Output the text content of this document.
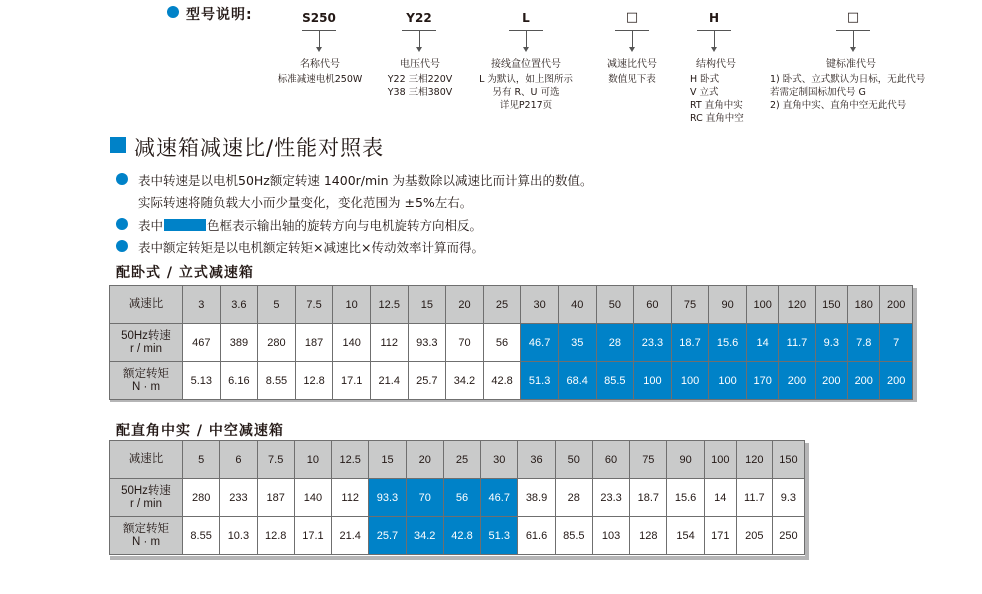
型号说明:	S250	Y22	L	□	H	□
名称代号
标准减速电机250W
电压代号
Y22 三相220V
Y38 三相380V
接线盒位置代号
L 为默认，如上图所示
另有 R、U 可选
详见P217页
减速比代号
数值见下表
结构代号
H 卧式
V 立式
RT 直角中实
RC 直角中空
键标准代号
1) 卧式、立式默认为日标，无此代号
若需定制国标加代号 G
2) 直角中实、直角中空无此代号
减速箱减速比/性能对照表
表中转速是以电机50Hz额定转速 1400r/min 为基数除以减速比而计算出的数值。
实际转速将随负载大小而少量变化，变化范围为 ±5%左右。
表中	色框表示输出轴的旋转方向与电机旋转方向相反。
表中额定转矩是以电机额定转矩×减速比×传动效率计算而得。
配卧式 / 立式减速箱
减速比	3	3.6	5	7.5	10	12.5	15	20	25	30	40	50	60	75	90	100	120	150	180	200

50Hz转速
r / min	467	389	280	187	140	112	93.3	70	56	46.7	35	28	23.3	18.7	15.6	14	11.7	9.3	7.8	7

额定转矩
N · m	5.13	6.16	8.55	12.8	17.1	21.4	25.7	34.2	42.8	51.3	68.4	85.5	100	100	100	170	200	200	200	200
配直角中实 / 中空减速箱
减速比	5	6	7.5	10	12.5	15	20	25	30	36	50	60	75	90	100	120	150

50Hz转速
r / min	280	233	187	140	112	93.3	70	56	46.7	38.9	28	23.3	18.7	15.6	14	11.7	9.3

额定转矩
N · m	8.55	10.3	12.8	17.1	21.4	25.7	34.2	42.8	51.3	61.6	85.5	103	128	154	171	205	250
